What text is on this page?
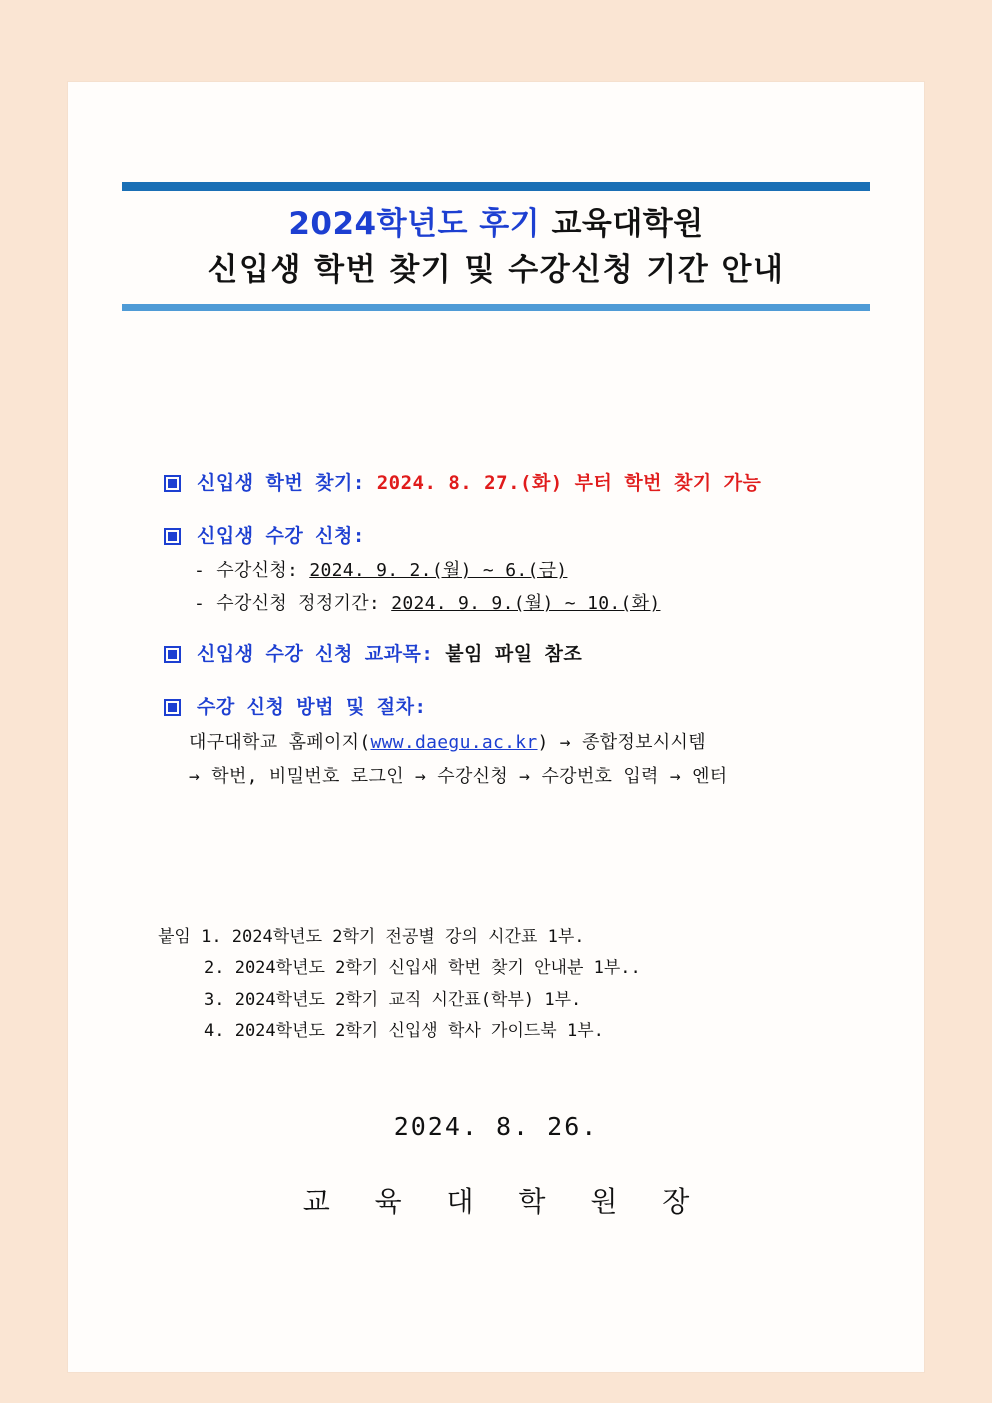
2024학년도 후기 교육대학원
신입생 학번 찾기 및 수강신청 기간 안내
신입생 학번 찾기: 2024. 8. 27.(화) 부터 학번 찾기 가능
신입생 수강 신청:
- 수강신청: 2024. 9. 2.(월) ~ 6.(금)
- 수강신청 정정기간: 2024. 9. 9.(월) ~ 10.(화)
신입생 수강 신청 교과목: 붙임 파일 참조
수강 신청 방법 및 절차:
대구대학교 홈페이지(www.daegu.ac.kr) → 종합정보시시템
→ 학번, 비밀번호 로그인 → 수강신청 → 수강번호 입력 → 엔터
붙임 1. 2024학년도 2학기 전공별 강의 시간표 1부.
2. 2024학년도 2학기 신입새 학번 찾기 안내분 1부..
3. 2024학년도 2학기 교직 시간표(학부) 1부.
4. 2024학년도 2학기 신입생 학사 가이드북 1부.
2024. 8. 26.
교 육 대 학 원 장
